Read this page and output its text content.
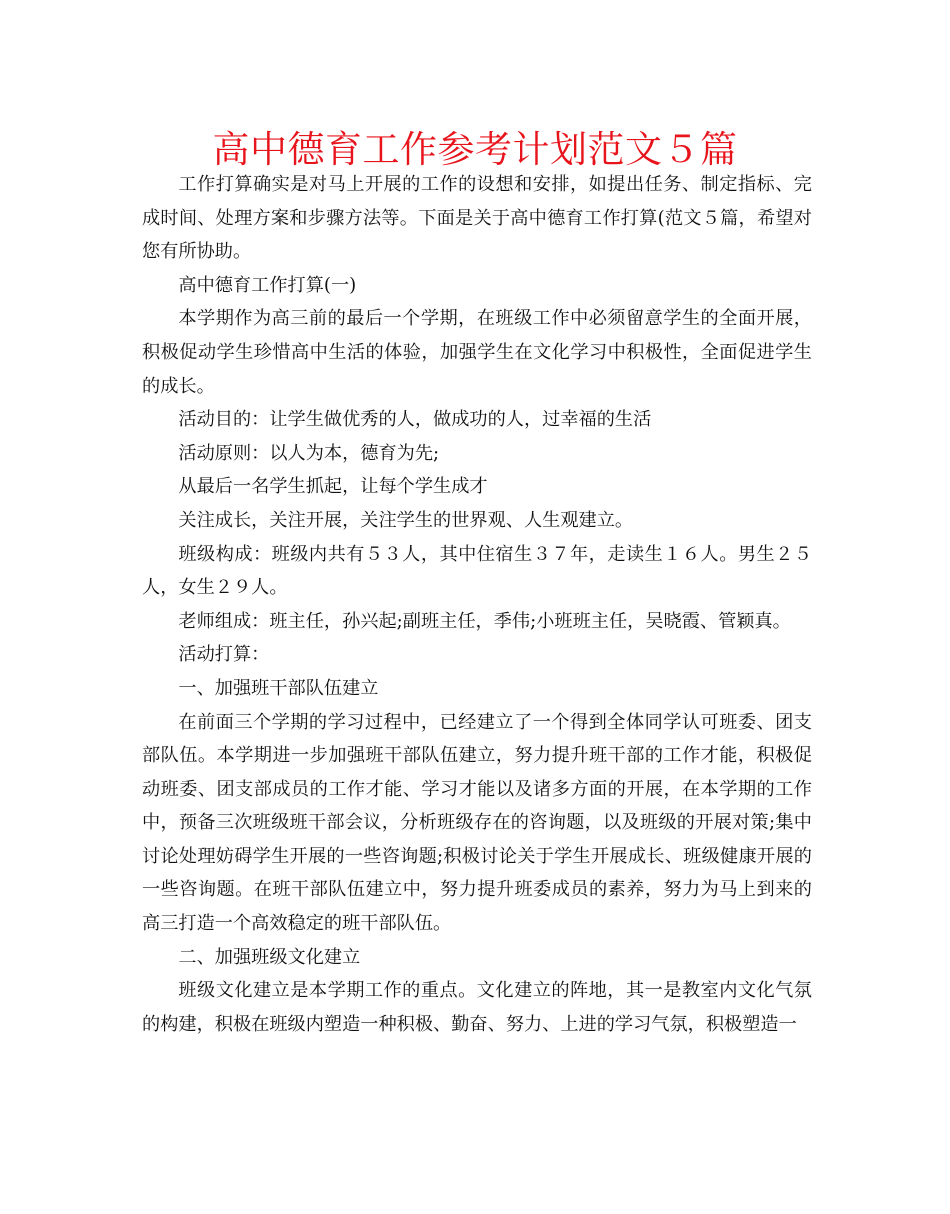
高中德育工作参考计划范文５篇

工作打算确实是对马上开展的工作的设想和安排，如提出任务、制定指标、完成时间、处理方案和步骤方法等。下面是关于高中德育工作打算(范文５篇，希望对您有所协助。

高中德育工作打算(一)

本学期作为高三前的最后一个学期，在班级工作中必须留意学生的全面开展，积极促动学生珍惜高中生活的体验，加强学生在文化学习中积极性，全面促进学生的成长。

活动目的：让学生做优秀的人，做成功的人，过幸福的生活

活动原则：以人为本，德育为先;

从最后一名学生抓起，让每个学生成才

关注成长，关注开展，关注学生的世界观、人生观建立。

班级构成：班级内共有５３人，其中住宿生３７年，走读生１６人。男生２５人，女生２９人。

老师组成：班主任，孙兴起;副班主任，季伟;小班班主任，吴晓霞、管颖真。

活动打算：

一、加强班干部队伍建立

在前面三个学期的学习过程中，已经建立了一个得到全体同学认可班委、团支部队伍。本学期进一步加强班干部队伍建立，努力提升班干部的工作才能，积极促动班委、团支部成员的工作才能、学习才能以及诸多方面的开展，在本学期的工作中，预备三次班级班干部会议，分析班级存在的咨询题，以及班级的开展对策;集中讨论处理妨碍学生开展的一些咨询题;积极讨论关于学生开展成长、班级健康开展的一些咨询题。在班干部队伍建立中，努力提升班委成员的素养，努力为马上到来的高三打造一个高效稳定的班干部队伍。

二、加强班级文化建立

班级文化建立是本学期工作的重点。文化建立的阵地，其一是教室内文化气氛的构建，积极在班级内塑造一种积极、勤奋、努力、上进的学习气氛，积极塑造一
